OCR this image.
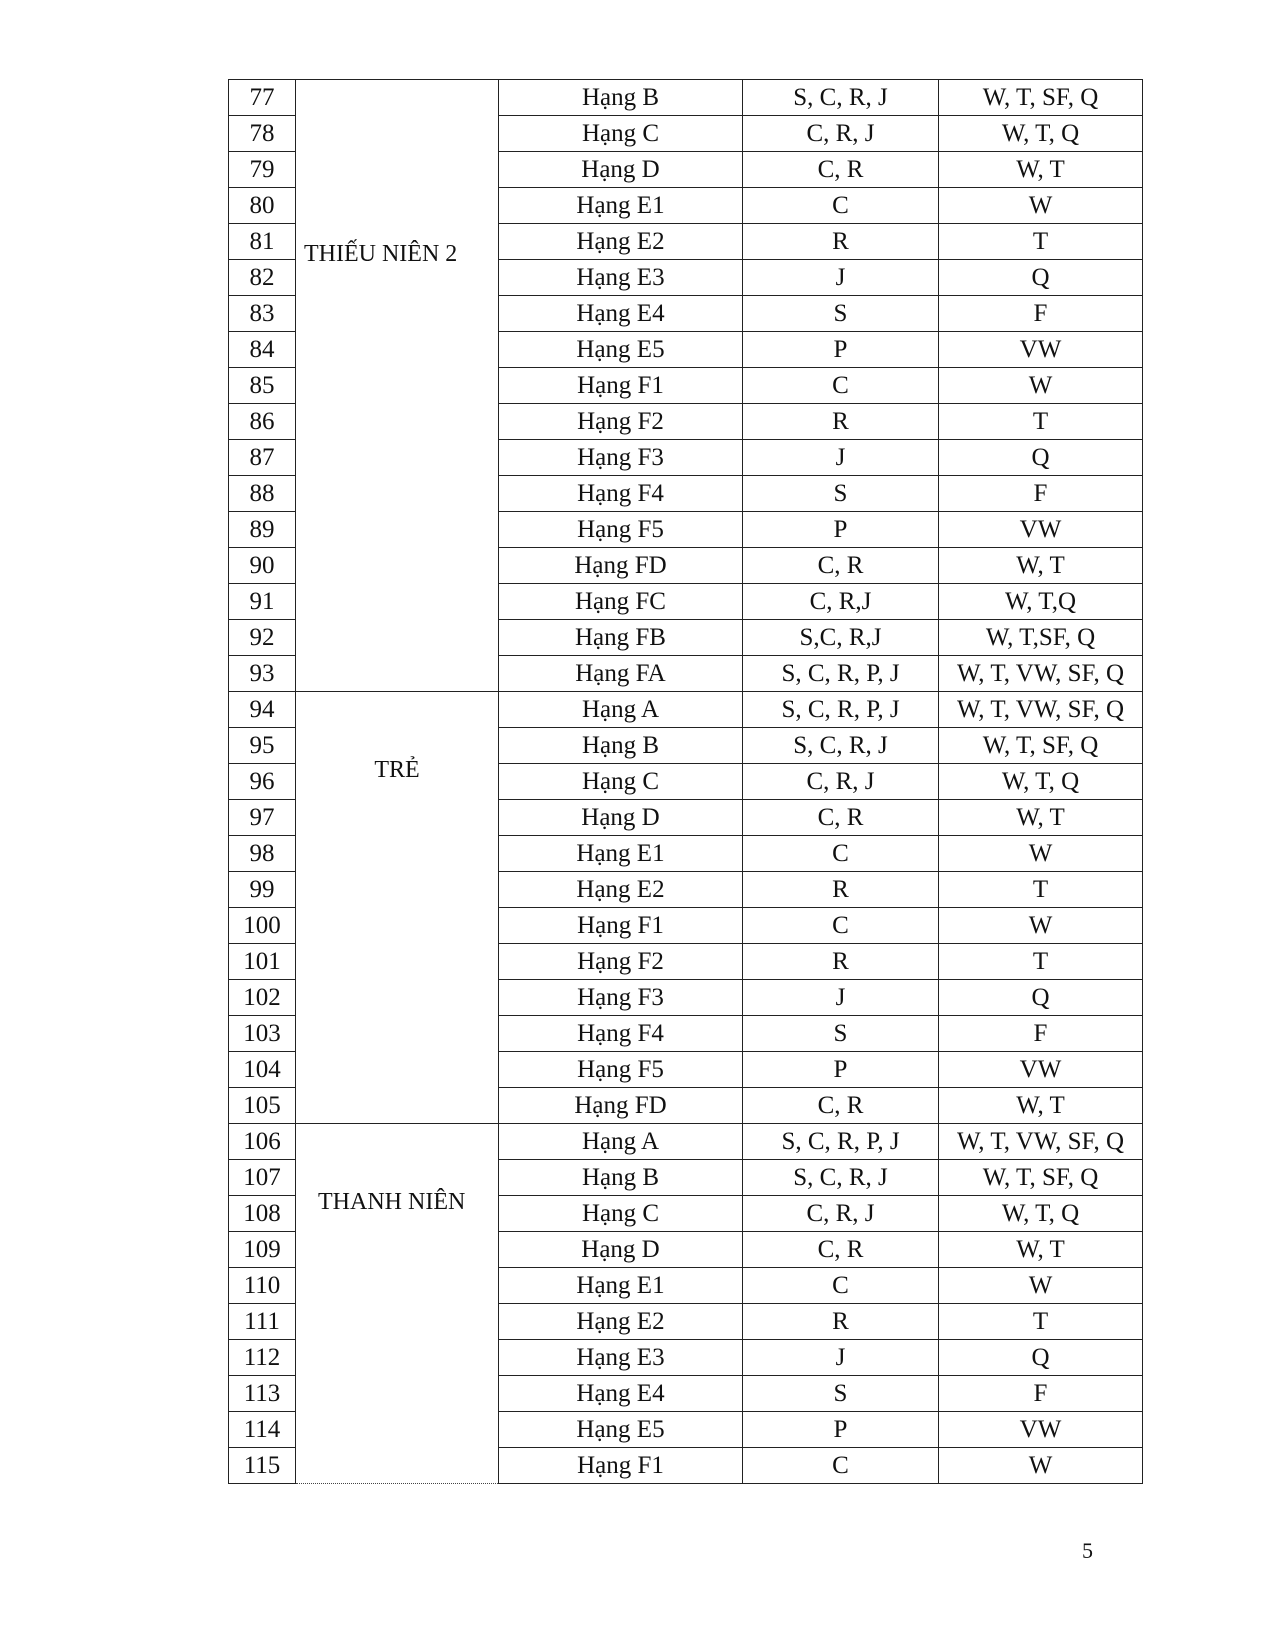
77	THIẾU NIÊN 2	Hạng B	S, C, R, J	W, T, SF, Q
78		Hạng C	C, R, J	W, T, Q
79		Hạng D	C, R	W, T
80		Hạng E1	C	W
81		Hạng E2	R	T
82		Hạng E3	J	Q
83		Hạng E4	S	F
84		Hạng E5	P	VW
85		Hạng F1	C	W
86		Hạng F2	R	T
87		Hạng F3	J	Q
88		Hạng F4	S	F
89		Hạng F5	P	VW
90		Hạng FD	C, R	W, T
91		Hạng FC	C, R,J	W, T,Q
92		Hạng FB	S,C, R,J	W, T,SF, Q
93		Hạng FA	S, C, R, P, J	W, T, VW, SF, Q
94	TRẺ	Hạng A	S, C, R, P, J	W, T, VW, SF, Q
95		Hạng B	S, C, R, J	W, T, SF, Q
96		Hạng C	C, R, J	W, T, Q
97		Hạng D	C, R	W, T
98		Hạng E1	C	W
99		Hạng E2	R	T
100		Hạng F1	C	W
101		Hạng F2	R	T
102		Hạng F3	J	Q
103		Hạng F4	S	F
104		Hạng F5	P	VW
105		Hạng FD	C, R	W, T
106	THANH NIÊN	Hạng A	S, C, R, P, J	W, T, VW, SF, Q
107		Hạng B	S, C, R, J	W, T, SF, Q
108		Hạng C	C, R, J	W, T, Q
109		Hạng D	C, R	W, T
110		Hạng E1	C	W
111		Hạng E2	R	T
112		Hạng E3	J	Q
113		Hạng E4	S	F
114		Hạng E5	P	VW
115		Hạng F1	C	W
5
